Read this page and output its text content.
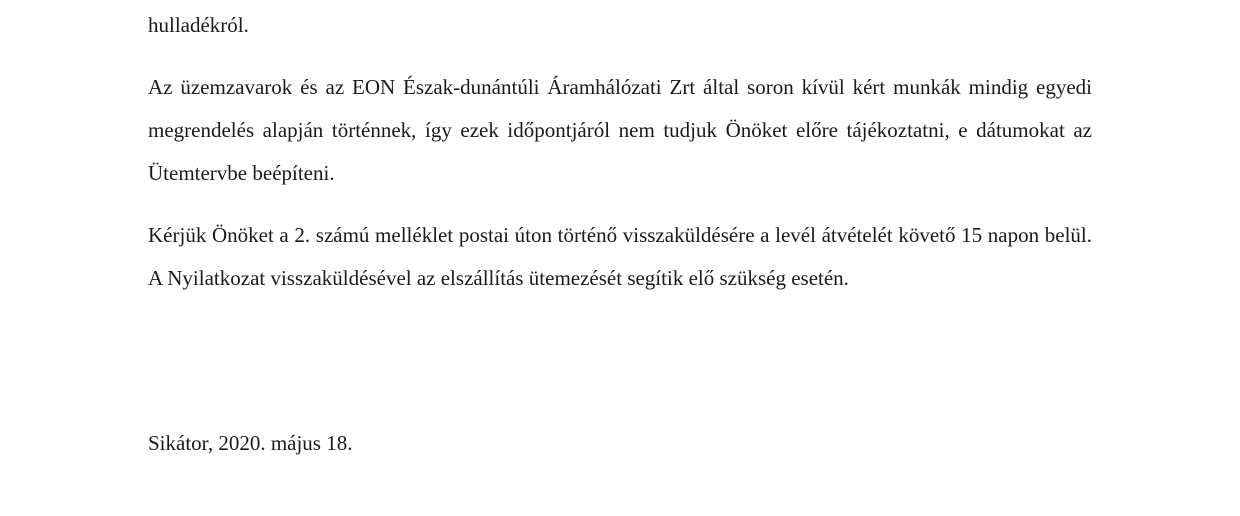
hulladékról.

Az üzemzavarok és az EON Észak-dunántúli Áramhálózati Zrt által soron kívül kért munkák mindig egyedi megrendelés alapján történnek, így ezek időpontjáról nem tudjuk Önöket előre tájékoztatni, e dátumokat az Ütemtervbe beépíteni.

Kérjük Önöket a 2. számú melléklet postai úton történő visszaküldésére a levél átvételét követő 15 napon belül. A Nyilatkozat visszaküldésével az elszállítás ütemezését segítik elő szükség esetén.

Sikátor, 2020. május 18.
